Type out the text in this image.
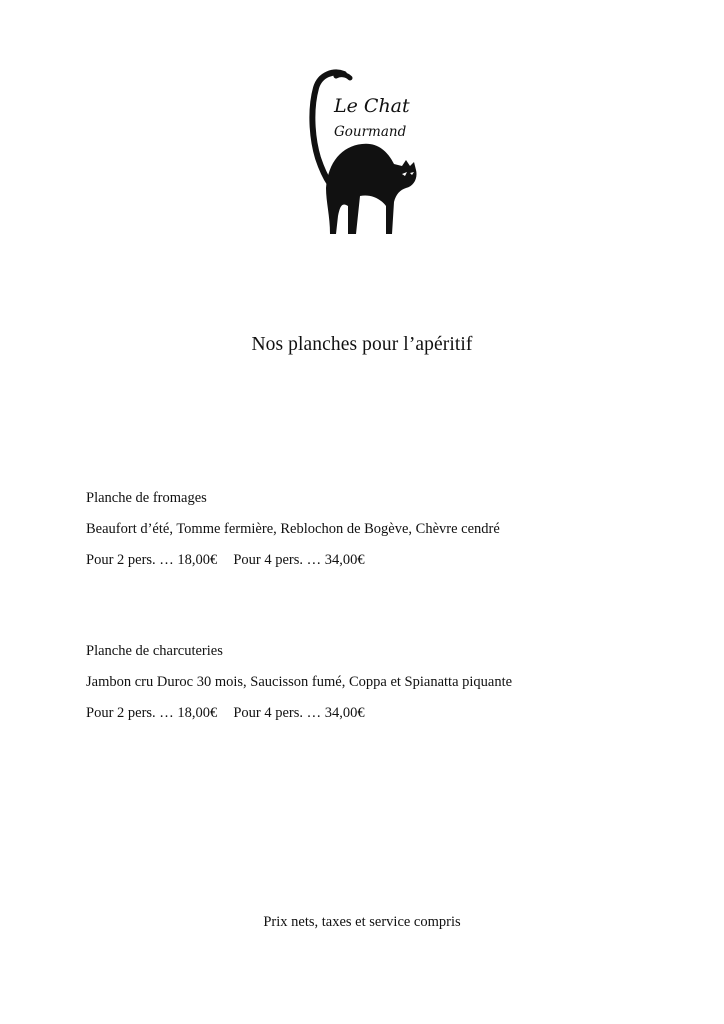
Le Chat
Gourmand
Nos planches pour l’apéritif
Planche de fromages
Beaufort d’été, Tomme fermière, Reblochon de Bogève, Chèvre cendré
Pour 2 pers. … 18,00€ Pour 4 pers. … 34,00€
Planche de charcuteries
Jambon cru Duroc 30 mois, Saucisson fumé, Coppa et Spianatta piquante
Pour 2 pers. … 18,00€ Pour 4 pers. … 34,00€
Prix nets, taxes et service compris
